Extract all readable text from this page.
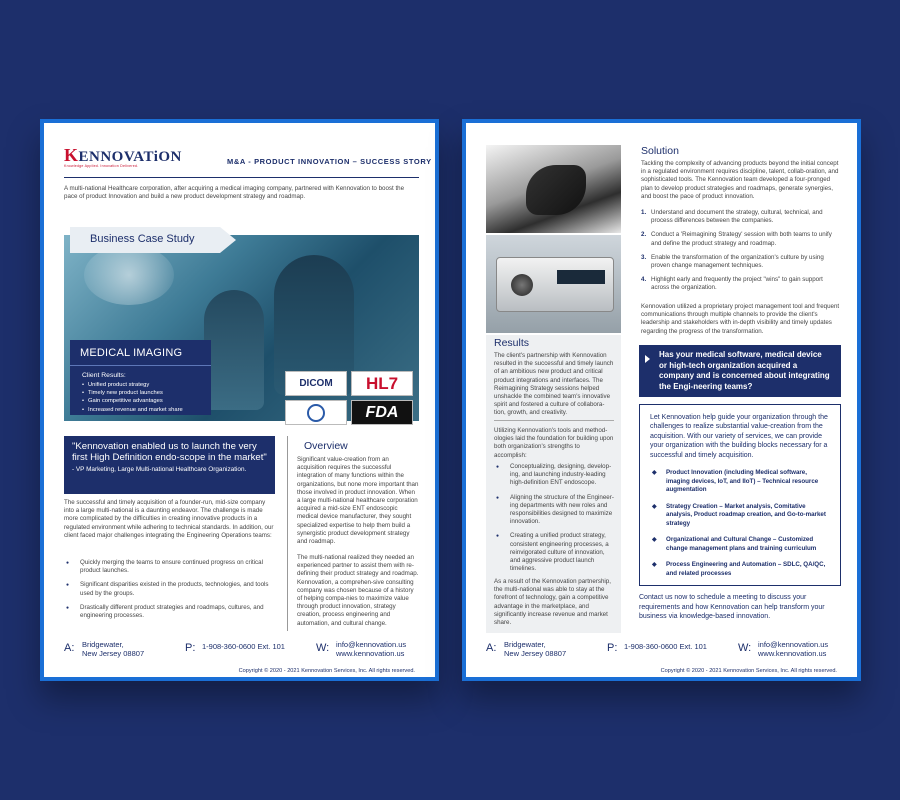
KENNOVATiON
Knowledge Applied. Innovation Delivered.	M&A - PRODUCT INNOVATION – SUCCESS STORY

A multi-national Healthcare corporation, after acquiring a medical imaging company, partnered with Kennovation to boost the pace of product Innovation and build a new product development strategy and roadmap.

Business Case Study
MEDICAL IMAGING
Client Results:
• Unified product strategy
• Timely new product launches
• Gain competitive advantages
• Increased revenue and market share
DICOM	HL7
FDA
"Kennovation enabled us to launch the very first High Definition endo-scope in the market"
- VP Marketing, Large Multi-national Healthcare Organization.

The successful and timely acquisition of a founder-run, mid-size company into a large multi-national is a daunting endeavor. The challenge is made more complicated by the difficulties in creating innovative products in a regulated environment while adhering to technical standards. In addition, our client faced major challenges integrating the Engineering Operations teams:

● Quickly merging the teams to ensure continued progress on critical product launches.
● Significant disparities existed in the products, technologies, and tools used by the groups.
● Drastically different product strategies and roadmaps, cultures, and engineering processes.
Overview

Significant value-creation from an acquisition requires the successful integration of many functions within the organizations, but none more important than those involved in product innovation. When a large multi-national healthcare corporation acquired a mid-size ENT endoscopic medical device manufacturer, they sought specialized expertise to help them build a synergistic product development strategy and roadmap.

The multi-national realized they needed an experienced partner to assist them with re-defining their product strategy and roadmap. Kennovation, a comprehen-sive consulting company was chosen because of a history of helping compa-nies to maximize value through product innovation, strategy creation, process engineering and automation, and cultural change.

A: Bridgewater,
New Jersey 08807	P: 1-908-360-0600 Ext. 101	W: info@kennovation.us
www.kennovation.us
Copyright © 2020 - 2021 Kennovation Services, Inc. All rights reserved.
Results

The client's partnership with Kennovation resulted in the successful and timely launch of an ambitious new product and critical product integrations and interfaces. The Reimagining Strategy sessions helped unshackle the combined team's innovative spirit and fostered a culture of collabora-tion, growth, and creativity.

Utilizing Kennovation's tools and method-ologies laid the foundation for building upon both organization's strengths to accomplish:

● Conceptualizing, designing, develop-ing, and launching industry-leading high-definition ENT endoscope.
● Aligning the structure of the Engineer-ing departments with new roles and responsibilities designed to maximize innovation.
● Creating a unified product strategy, consistent engineering processes, a reinvigorated culture of innovation, and aggressive product launch timelines.

As a result of the Kennovation partnership, the multi-national was able to stay at the forefront of technology, gain a competitive advantage in the marketplace, and significantly increase revenue and market share.

Solution

Tackling the complexity of advancing products beyond the initial concept in a regulated environment requires discipline, talent, collab-oration, and sophisticated tools. The Kennovation team developed a four-pronged plan to develop product strategies and roadmaps, generate synergies, and boost the pace of product innovation.

1. Understand and document the strategy, cultural, technical, and process differences between the companies.
2. Conduct a 'Reimagining Strategy' session with both teams to unify and define the product strategy and roadmap.
3. Enable the transformation of the organization's culture by using proven change management techniques.
4. Highlight early and frequently the project "wins" to gain support across the organization.

Kennovation utilized a proprietary project management tool and frequent communications through multiple channels to provide the client's leadership and stakeholders with in-depth visibility and timely updates regarding the progress of the transformation.

Has your medical software, medical device or high-tech organization acquired a company and is concerned about integrating the Engi-neering teams?

Let Kennovation help guide your organization through the challenges to realize substantial value-creation from the acquisition. With our variety of services, we can provide your organization with the building blocks necessary for a successful and timely acquisition.

◆ Product Innovation (including Medical software, imaging devices, IoT, and IIoT) – Technical resource augmentation
◆ Strategy Creation – Market analysis, Comitative analysis, Product roadmap creation, and Go-to-market strategy
◆ Organizational and Cultural Change – Customized change management plans and training curriculum
◆ Process Engineering and Automation – SDLC, QA/QC, and related processes

Contact us now to schedule a meeting to discuss your requirements and how Kennovation can help transform your business via knowledge-based innovation.

A: Bridgewater,
New Jersey 08807	P: 1-908-360-0600 Ext. 101	W: info@kennovation.us
www.kennovation.us
Copyright © 2020 - 2021 Kennovation Services, Inc. All rights reserved.
